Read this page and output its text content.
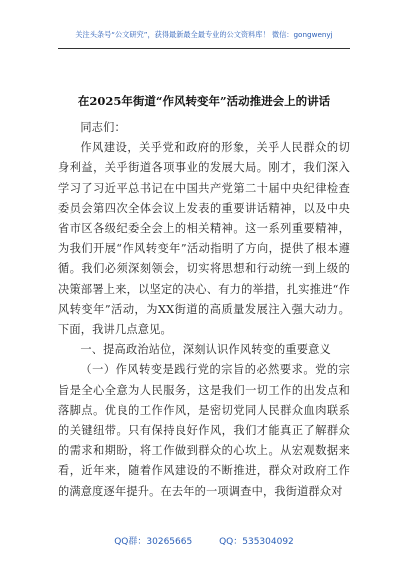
关注头条号“公文研究”，获得最新最全最专业的公文资料库！ 微信：gongwenyj
在2025年街道“作风转变年”活动推进会上的讲话

同志们：

作风建设，关乎党和政府的形象，关乎人民群众的切身利益，关乎街道各项事业的发展大局。刚才，我们深入学习了习近平总书记在中国共产党第二十届中央纪律检查委员会第四次全体会议上发表的重要讲话精神，以及中央省市区各级纪委全会上的相关精神。这一系列重要精神，为我们开展“作风转变年”活动指明了方向，提供了根本遵循。我们必须深刻领会，切实将思想和行动统一到上级的决策部署上来，以坚定的决心、有力的举措，扎实推进“作风转变年”活动，为XX街道的高质量发展注入强大动力。下面，我讲几点意见。

一、提高政治站位，深刻认识作风转变的重要意义

（一）作风转变是践行党的宗旨的必然要求。党的宗旨是全心全意为人民服务，这是我们一切工作的出发点和落脚点。优良的工作作风，是密切党同人民群众血肉联系的关键纽带。只有保持良好作风，我们才能真正了解群众的需求和期盼，将工作做到群众的心坎上。从宏观数据来看，近年来，随着作风建设的不断推进，群众对政府工作的满意度逐年提升。在去年的一项调查中，我街道群众对

QQ群：30265665	QQ：535304092
